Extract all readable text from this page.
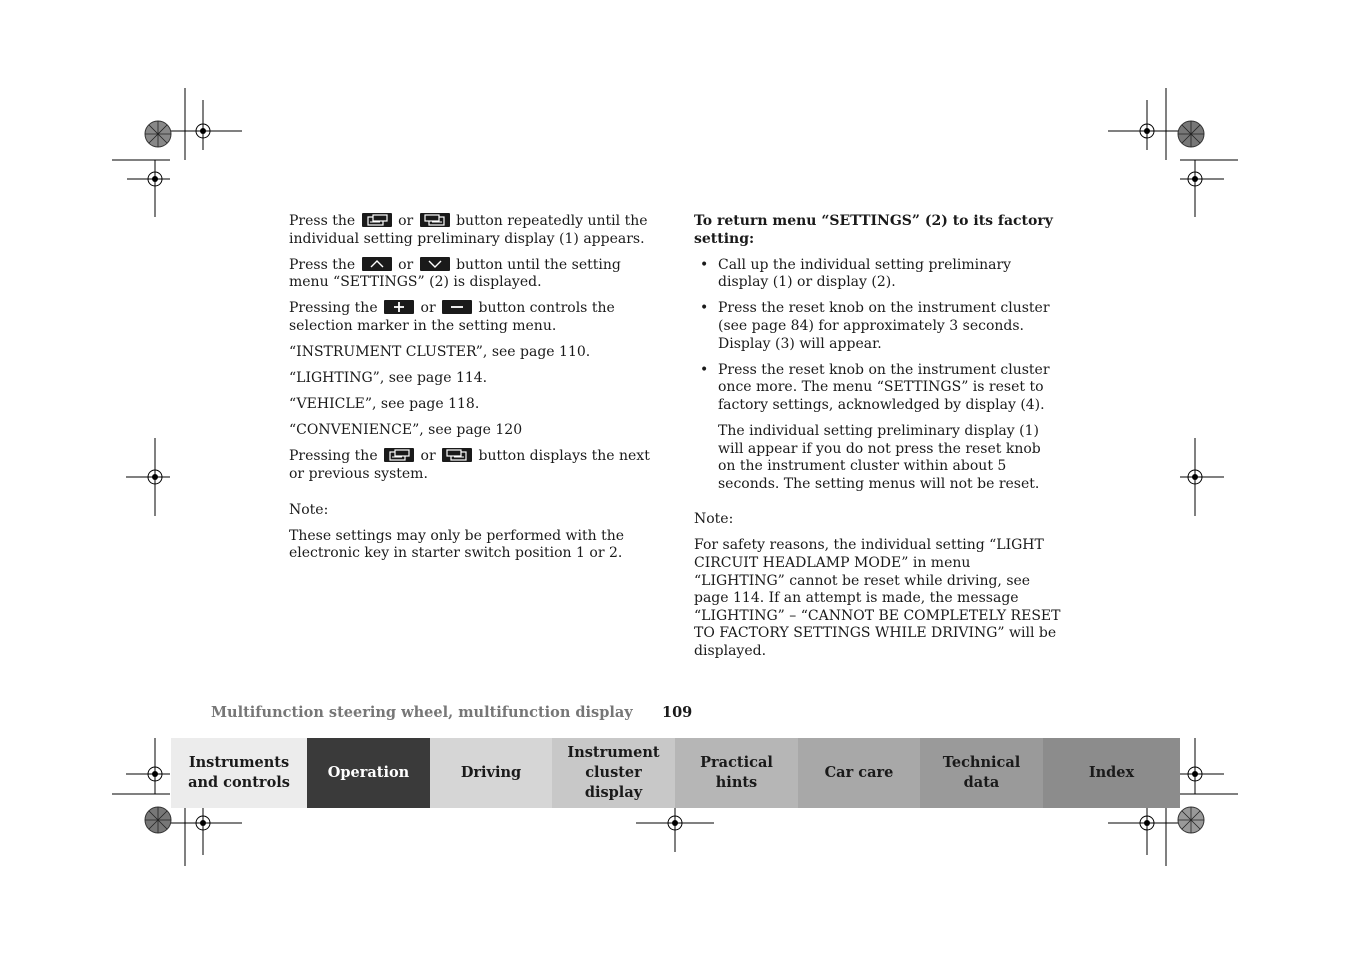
Press the	or	button repeatedly until the individual setting preliminary display (1) appears.

Press the	or	button until the setting menu “SETTINGS” (2) is displayed.

Pressing the	or	button controls the selection marker in the setting menu.

“INSTRUMENT CLUSTER”, see page 110.

“LIGHTING”, see page 114.

“VEHICLE”, see page 118.

“CONVENIENCE”, see page 120

Pressing the	or	button displays the next or previous system.

Note:

These settings may only be performed with the electronic key in starter switch position 1 or 2.

To return menu “SETTINGS” (2) to its factory setting:

• Call up the individual setting preliminary display (1) or display (2).
• Press the reset knob on the instrument cluster (see page 84) for approximately 3 seconds. Display (3) will appear.
• Press the reset knob on the instrument cluster once more. The menu “SETTINGS” is reset to factory settings, acknowledged by display (4).

The individual setting preliminary display (1) will appear if you do not press the reset knob on the instrument cluster within about 5 seconds. The setting menus will not be reset.

Note:

For safety reasons, the individual setting “LIGHT CIRCUIT HEADLAMP MODE” in menu “LIGHTING” cannot be reset while driving, see page 114. If an attempt is made, the message “LIGHTING” – “CANNOT BE COMPLETELY RESET TO FACTORY SETTINGS WHILE DRIVING” will be displayed.

Multifunction steering wheel, multifunction display 109
Instruments and controls
Operation	Driving
Instrument cluster display
Practical hints
Car care
Technical data
Index
